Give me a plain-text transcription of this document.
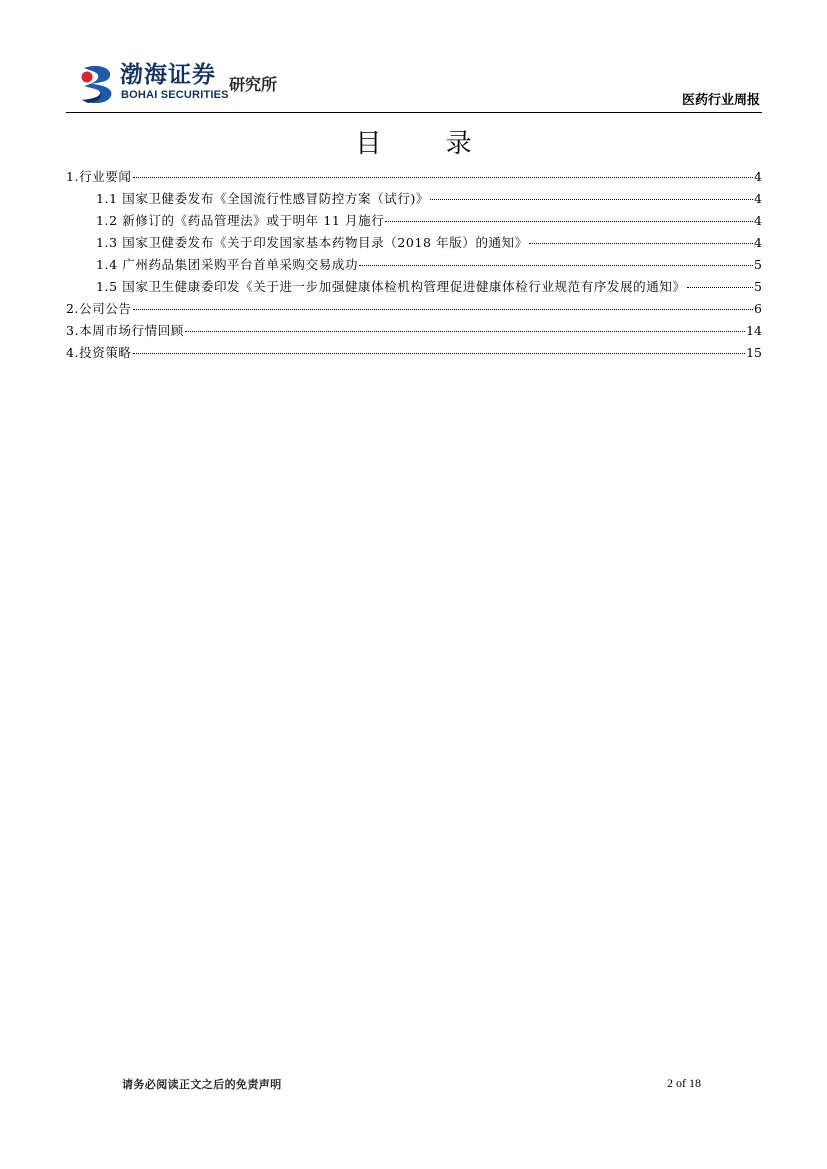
渤海证券
BOHAI SECURITIES
研究所
医药行业周报
目 录
1.行业要闻	4
1.1 国家卫健委发布《全国流行性感冒防控方案（试行)》	4
1.2 新修订的《药品管理法》或于明年 11 月施行	4
1.3 国家卫健委发布《关于印发国家基本药物目录（2018 年版）的通知》	4
1.4 广州药品集团采购平台首单采购交易成功	5
1.5 国家卫生健康委印发《关于进一步加强健康体检机构管理促进健康体检行业规范有序发展的通知》	5
2.公司公告	6
3.本周市场行情回顾	14
4.投资策略	15
请务必阅读正文之后的免责声明	2 of 18
